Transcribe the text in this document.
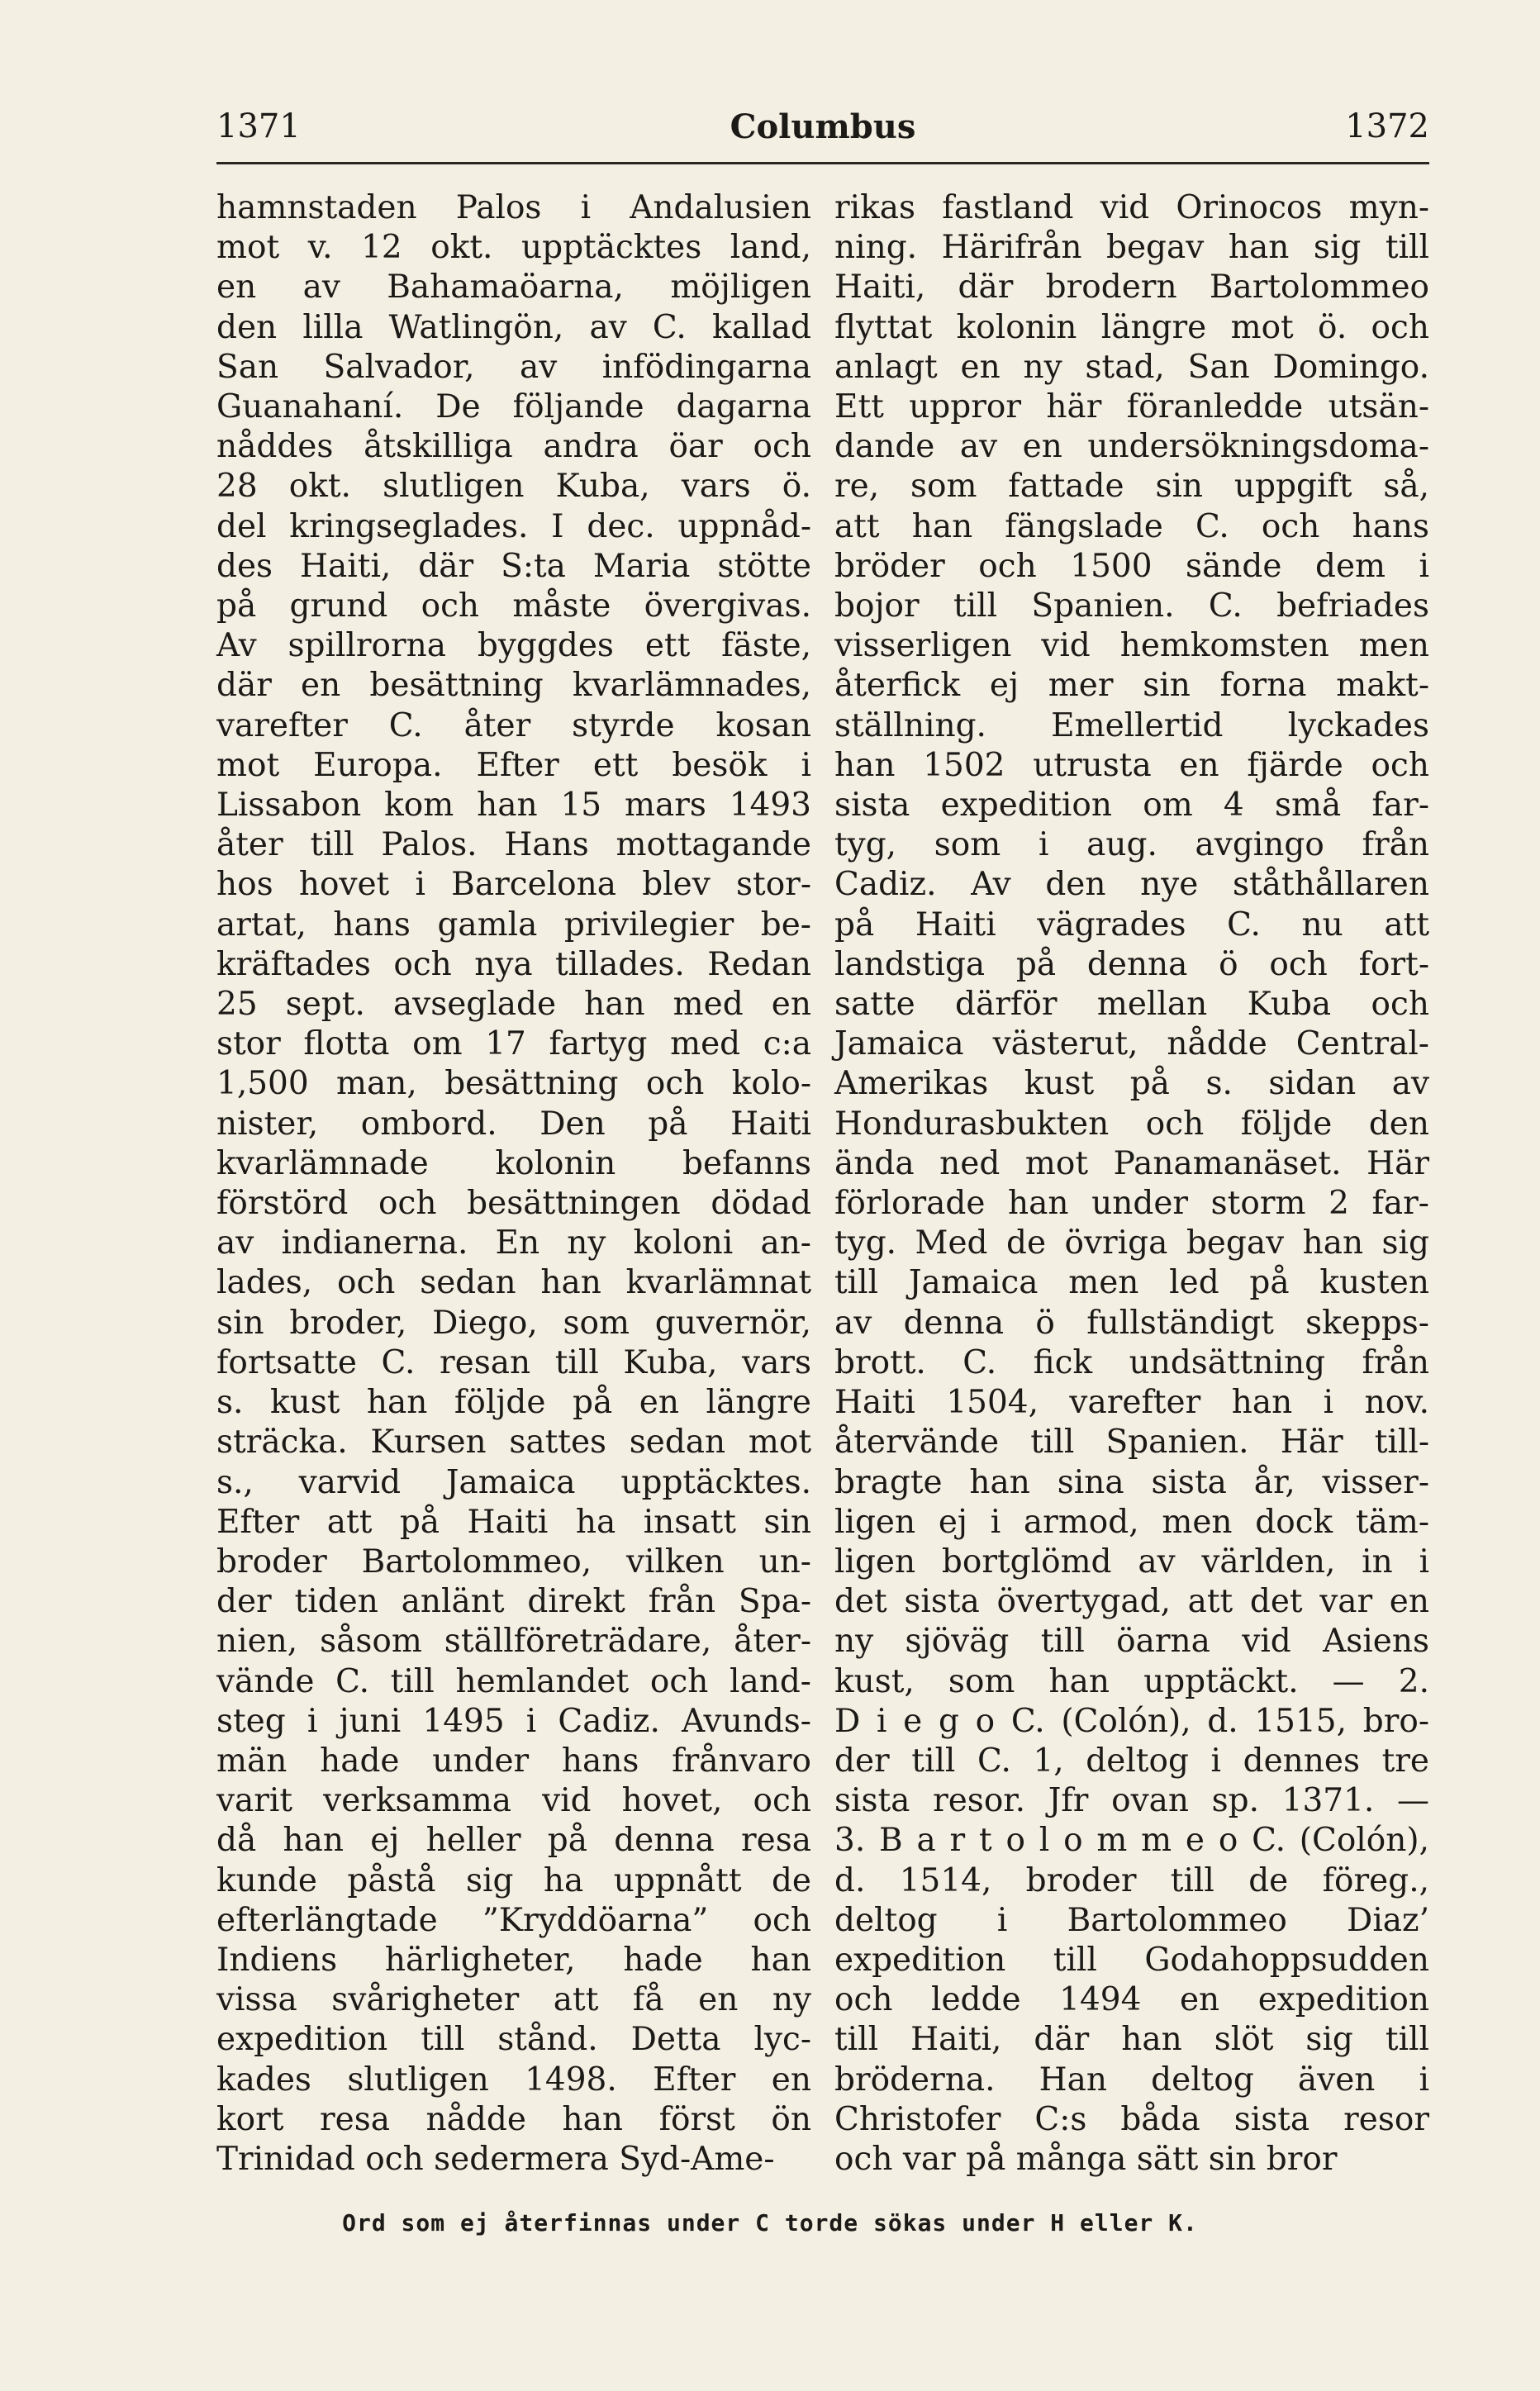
1371	Columbus	1372
hamnstaden Palos i Andalusien
mot v. 12 okt. upptäcktes land,
en av Bahamaöarna, möjligen
den lilla Watlingön, av C. kallad
San Salvador, av infödingarna
Guanahaní. De följande dagarna
nåddes åtskilliga andra öar och
28 okt. slutligen Kuba, vars ö.
del kringseglades. I dec. uppnåd-
des Haiti, där S:ta Maria stötte
på grund och måste övergivas.
Av spillrorna byggdes ett fäste,
där en besättning kvarlämnades,
varefter C. åter styrde kosan
mot Europa. Efter ett besök i
Lissabon kom han 15 mars 1493
åter till Palos. Hans mottagande
hos hovet i Barcelona blev stor-
artat, hans gamla privilegier be-
kräftades och nya tillades. Redan
25 sept. avseglade han med en
stor flotta om 17 fartyg med c:a
1,500 man, besättning och kolo-
nister, ombord. Den på Haiti
kvarlämnade kolonin befanns
förstörd och besättningen dödad
av indianerna. En ny koloni an-
lades, och sedan han kvarlämnat
sin broder, Diego, som guvernör,
fortsatte C. resan till Kuba, vars
s. kust han följde på en längre
sträcka. Kursen sattes sedan mot
s., varvid Jamaica upptäcktes.
Efter att på Haiti ha insatt sin
broder Bartolommeo, vilken un-
der tiden anlänt direkt från Spa-
nien, såsom ställföreträdare, åter-
vände C. till hemlandet och land-
steg i juni 1495 i Cadiz. Avunds-
män hade under hans frånvaro
varit verksamma vid hovet, och
då han ej heller på denna resa
kunde påstå sig ha uppnått de
efterlängtade ”Kryddöarna” och
Indiens härligheter, hade han
vissa svårigheter att få en ny
expedition till stånd. Detta lyc-
kades slutligen 1498. Efter en
kort resa nådde han först ön
Trinidad och sedermera Syd-Ame-
rikas fastland vid Orinocos myn-
ning. Härifrån begav han sig till
Haiti, där brodern Bartolommeo
flyttat kolonin längre mot ö. och
anlagt en ny stad, San Domingo.
Ett uppror här föranledde utsän-
dande av en undersökningsdoma-
re, som fattade sin uppgift så,
att han fängslade C. och hans
bröder och 1500 sände dem i
bojor till Spanien. C. befriades
visserligen vid hemkomsten men
återfick ej mer sin forna makt-
ställning. Emellertid lyckades
han 1502 utrusta en fjärde och
sista expedition om 4 små far-
tyg, som i aug. avgingo från
Cadiz. Av den nye ståthållaren
på Haiti vägrades C. nu att
landstiga på denna ö och fort-
satte därför mellan Kuba och
Jamaica västerut, nådde Central-
Amerikas kust på s. sidan av
Hondurasbukten och följde den
ända ned mot Panamanäset. Här
förlorade han under storm 2 far-
tyg. Med de övriga begav han sig
till Jamaica men led på kusten
av denna ö fullständigt skepps-
brott. C. fick undsättning från
Haiti 1504, varefter han i nov.
återvände till Spanien. Här till-
bragte han sina sista år, visser-
ligen ej i armod, men dock täm-
ligen bortglömd av världen, in i
det sista övertygad, att det var en
ny sjöväg till öarna vid Asiens
kust, som han upptäckt. — 2.
D i e g o C. (Colón), d. 1515, bro-
der till C. 1, deltog i dennes tre
sista resor. Jfr ovan sp. 1371. —
3. B a r t o l o m m e o C. (Colón),
d. 1514, broder till de föreg.,
deltog i Bartolommeo Diaz’
expedition till Godahoppsudden
och ledde 1494 en expedition
till Haiti, där han slöt sig till
bröderna. Han deltog även i
Christofer C:s båda sista resor
och var på många sätt sin bror
Ord som ej återfinnas under C torde sökas under H eller K.
